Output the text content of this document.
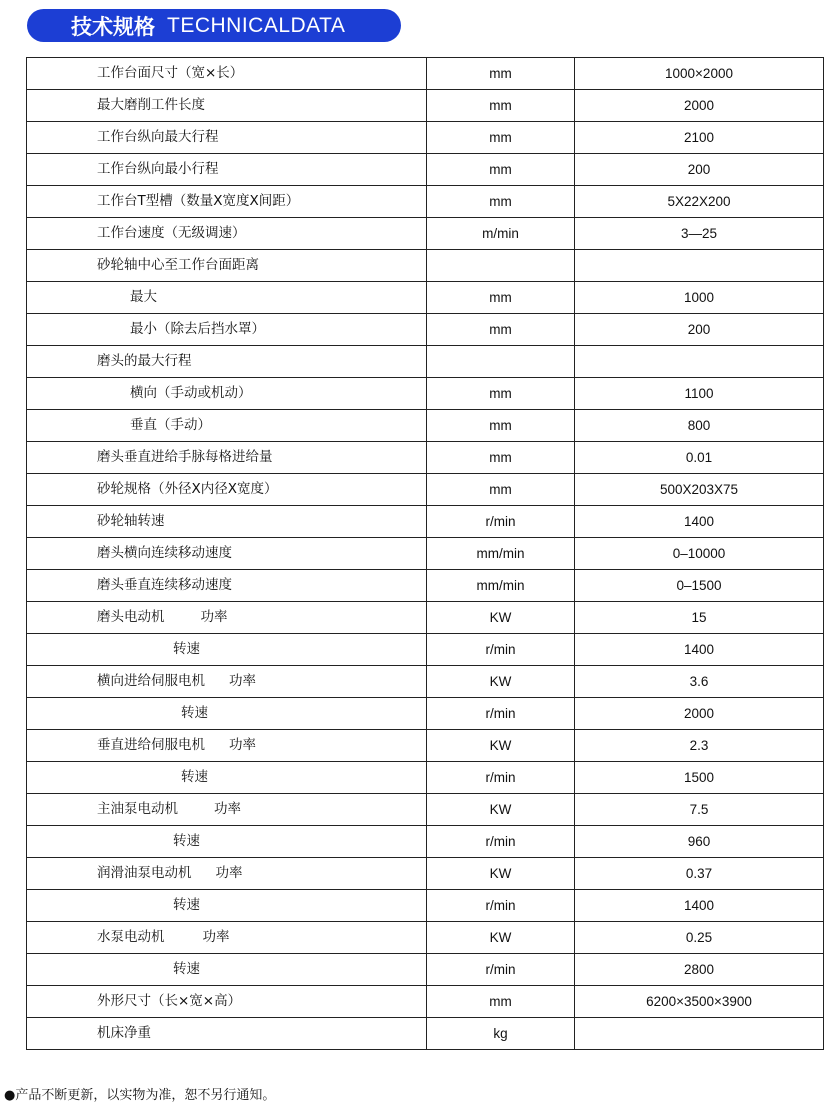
技术规格 TECHNICALDATA
工作台面尺寸（宽×长）	mm	1000×2000
最大磨削工件长度	mm	2000
工作台纵向最大行程	mm	2100
工作台纵向最小行程	mm	200
工作台T型槽（数量X宽度X间距）	mm	5X22X200
工作台速度（无级调速）	m/min	3—25
砂轮轴中心至工作台面距离		
最大	mm	1000
最小（除去后挡水罩）	mm	200
磨头的最大行程		
横向（手动或机动）	mm	1100
垂直（手动）	mm	800
磨头垂直进给手脉每格进给量	mm	0.01
砂轮规格（外径X内径X宽度）	mm	500X203X75
砂轮轴转速	r/min	1400
磨头横向连续移动速度	mm/min	0–10000
磨头垂直连续移动速度	mm/min	0–1500
磨头电动机 功率	KW	15
转速	r/min	1400
横向进给伺服电机 功率	KW	3.6
转速	r/min	2000
垂直进给伺服电机 功率	KW	2.3
转速	r/min	1500
主油泵电动机 功率	KW	7.5
转速	r/min	960
润滑油泵电动机 功率	KW	0.37
转速	r/min	1400
水泵电动机 功率	KW	0.25
转速	r/min	2800
外形尺寸（长×宽×高）	mm	6200×3500×3900
机床净重	kg	
●产品不断更新，以实物为准，恕不另行通知。
